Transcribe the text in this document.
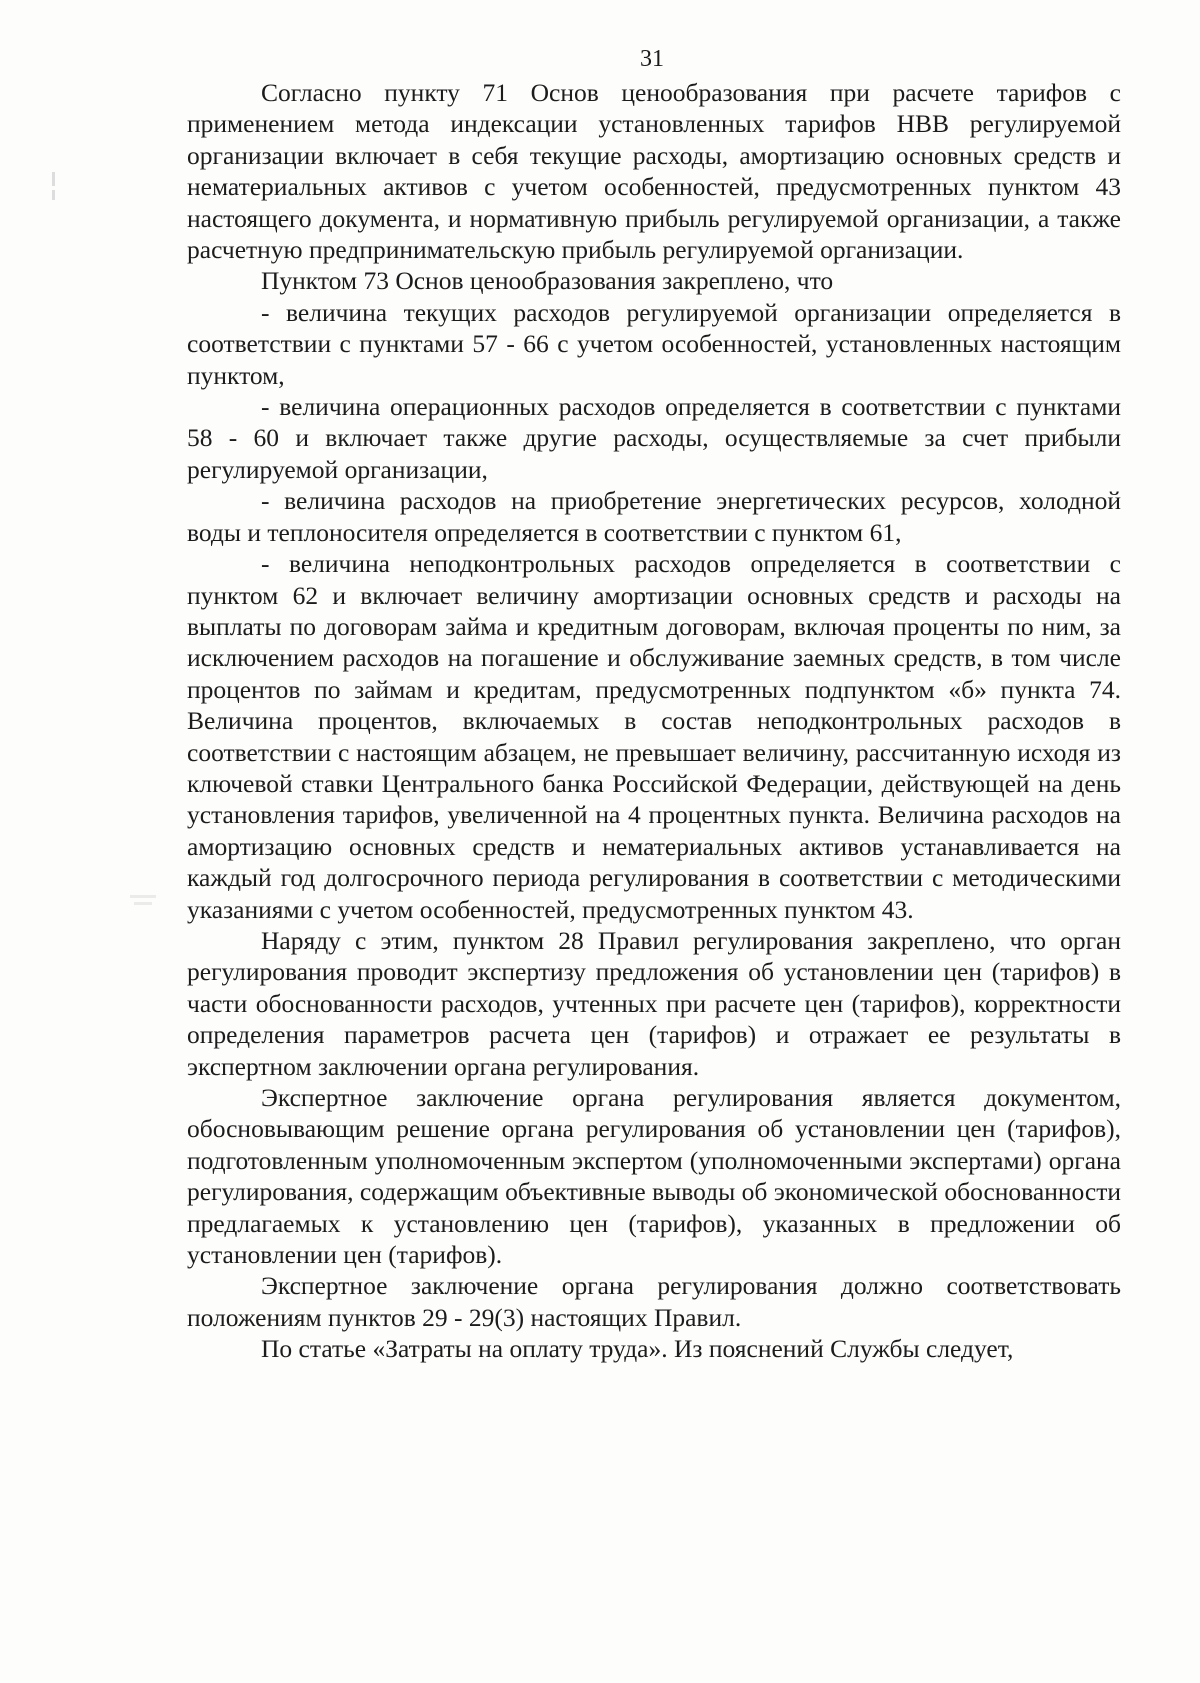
31

Согласно пункту 71 Основ ценообразования при расчете тарифов с применением метода индексации установленных тарифов НВВ регулируемой организации включает в себя текущие расходы, амортизацию основных средств и нематериальных активов с учетом особенностей, предусмотренных пунктом 43 настоящего документа, и нормативную прибыль регулируемой организации, а также расчетную предпринимательскую прибыль регулируемой организации.

Пунктом 73 Основ ценообразования закреплено, что

- величина текущих расходов регулируемой организации определяется в соответствии с пунктами 57 - 66 с учетом особенностей, установленных настоящим пунктом,

- величина операционных расходов определяется в соответствии с пунктами 58 - 60 и включает также другие расходы, осуществляемые за счет прибыли регулируемой организации,

- величина расходов на приобретение энергетических ресурсов, холодной воды и теплоносителя определяется в соответствии с пунктом 61,

- величина неподконтрольных расходов определяется в соответствии с пунктом 62 и включает величину амортизации основных средств и расходы на выплаты по договорам займа и кредитным договорам, включая проценты по ним, за исключением расходов на погашение и обслуживание заемных средств, в том числе процентов по займам и кредитам, предусмотренных подпунктом «б» пункта 74. Величина процентов, включаемых в состав неподконтрольных расходов в соответствии с настоящим абзацем, не превышает величину, рассчитанную исходя из ключевой ставки Центрального банка Российской Федерации, действующей на день установления тарифов, увеличенной на 4 процентных пункта. Величина расходов на амортизацию основных средств и нематериальных активов устанавливается на каждый год долгосрочного периода регулирования в соответствии с методическими указаниями с учетом особенностей, предусмотренных пунктом 43.

Наряду с этим, пунктом 28 Правил регулирования закреплено, что орган регулирования проводит экспертизу предложения об установлении цен (тарифов) в части обоснованности расходов, учтенных при расчете цен (тарифов), корректности определения параметров расчета цен (тарифов) и отражает ее результаты в экспертном заключении органа регулирования.

Экспертное заключение органа регулирования является документом, обосновывающим решение органа регулирования об установлении цен (тарифов), подготовленным уполномоченным экспертом (уполномоченными экспертами) органа регулирования, содержащим объективные выводы об экономической обоснованности предлагаемых к установлению цен (тарифов), указанных в предложении об установлении цен (тарифов).

Экспертное заключение органа регулирования должно соответствовать положениям пунктов 29 - 29(3) настоящих Правил.

По статье «Затраты на оплату труда». Из пояснений Службы следует,
